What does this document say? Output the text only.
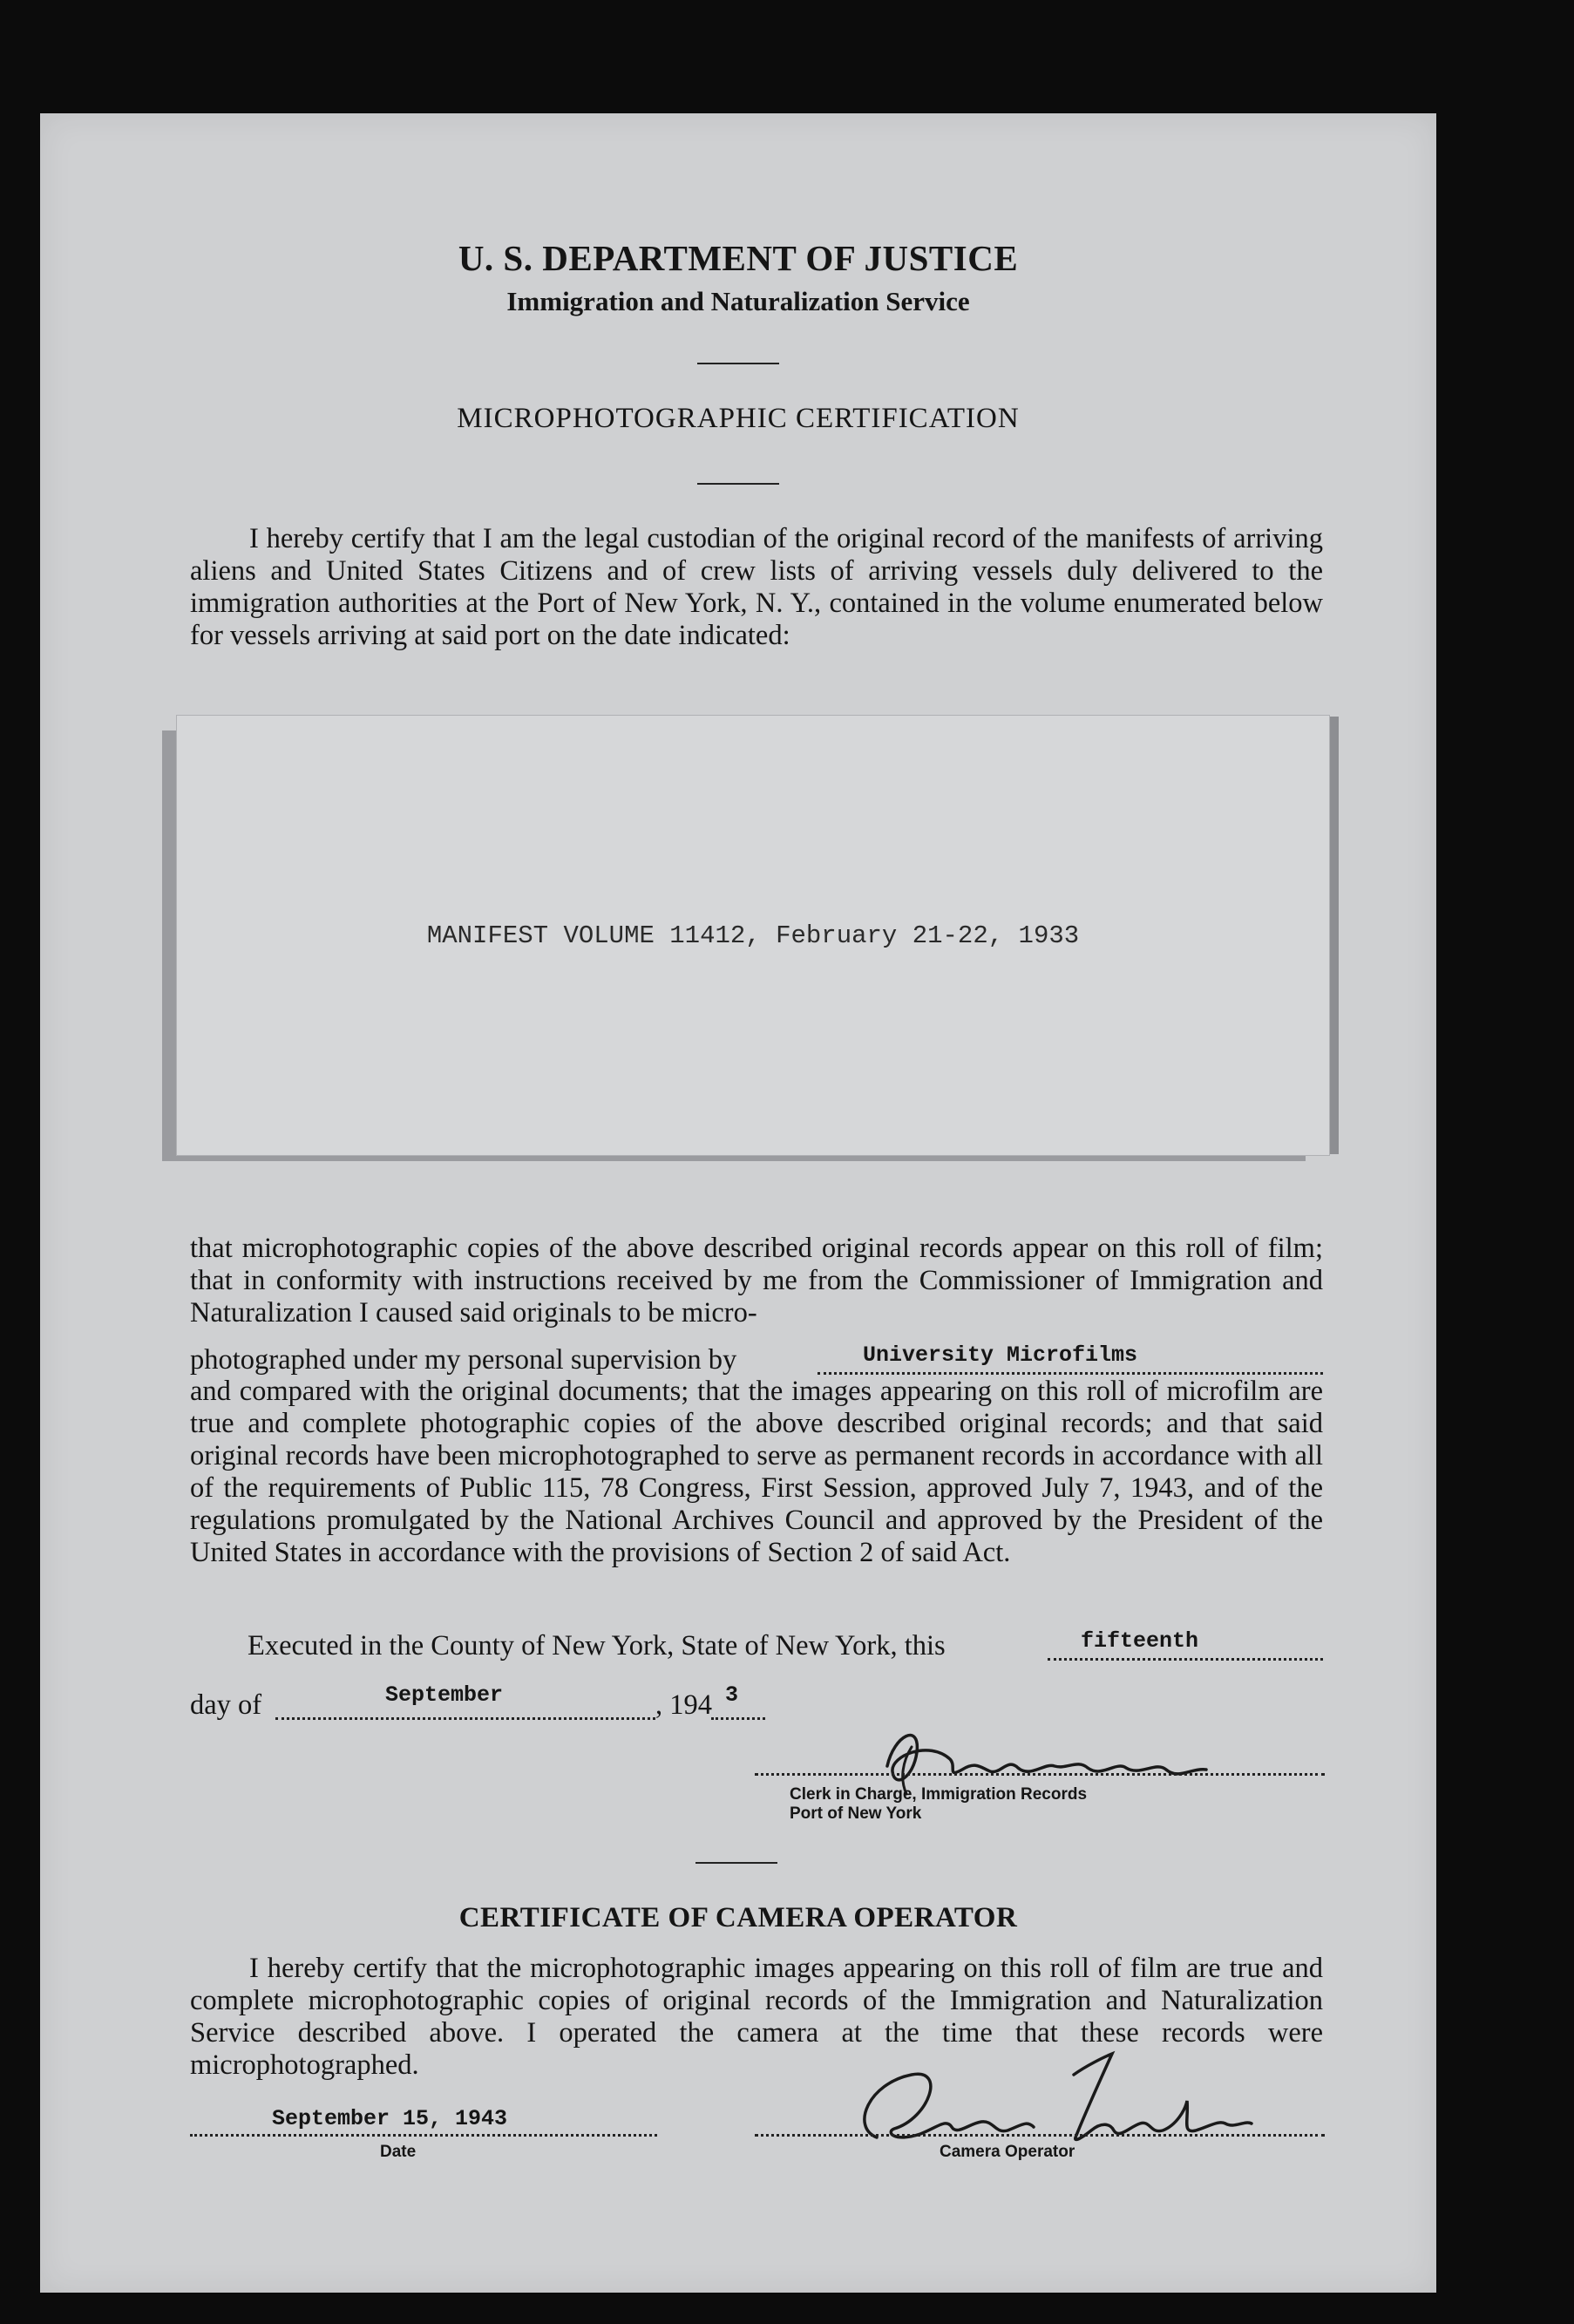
U. S. DEPARTMENT OF JUSTICE
Immigration and Naturalization Service
MICROPHOTOGRAPHIC CERTIFICATION
I hereby certify that I am the legal custodian of the original record of the manifests of arriving aliens and United States Citizens and of crew lists of arriving vessels duly delivered to the immigration authorities at the Port of New York, N. Y., contained in the volume enumerated below for vessels arriving at said port on the date indicated:
MANIFEST VOLUME 11412, February 21-22, 1933
that microphotographic copies of the above described original records appear on this roll of film; that in conformity with instructions received by me from the Commissioner of Immigration and Naturalization I caused said originals to be micro-
photographed under my personal supervision by	University Microfilms
and compared with the original documents; that the images appearing on this roll of microfilm are true and complete photographic copies of the above described original records; and that said original records have been microphotographed to serve as permanent records in accordance with all of the requirements of Public 115, 78 Congress, First Session, approved July 7, 1943, and of the regulations promulgated by the National Archives Council and approved by the President of the United States in accordance with the provisions of Section 2 of said Act.
Executed in the County of New York, State of New York, this	fifteenth
day of	September	, 194 3
Clerk in Charge, Immigration Records
Port of New York
CERTIFICATE OF CAMERA OPERATOR
I hereby certify that the microphotographic images appearing on this roll of film are true and complete microphotographic copies of original records of the Immigration and Naturalization Service described above. I operated the camera at the time that these records were microphotographed.
September 15, 1943
Date	Camera Operator
